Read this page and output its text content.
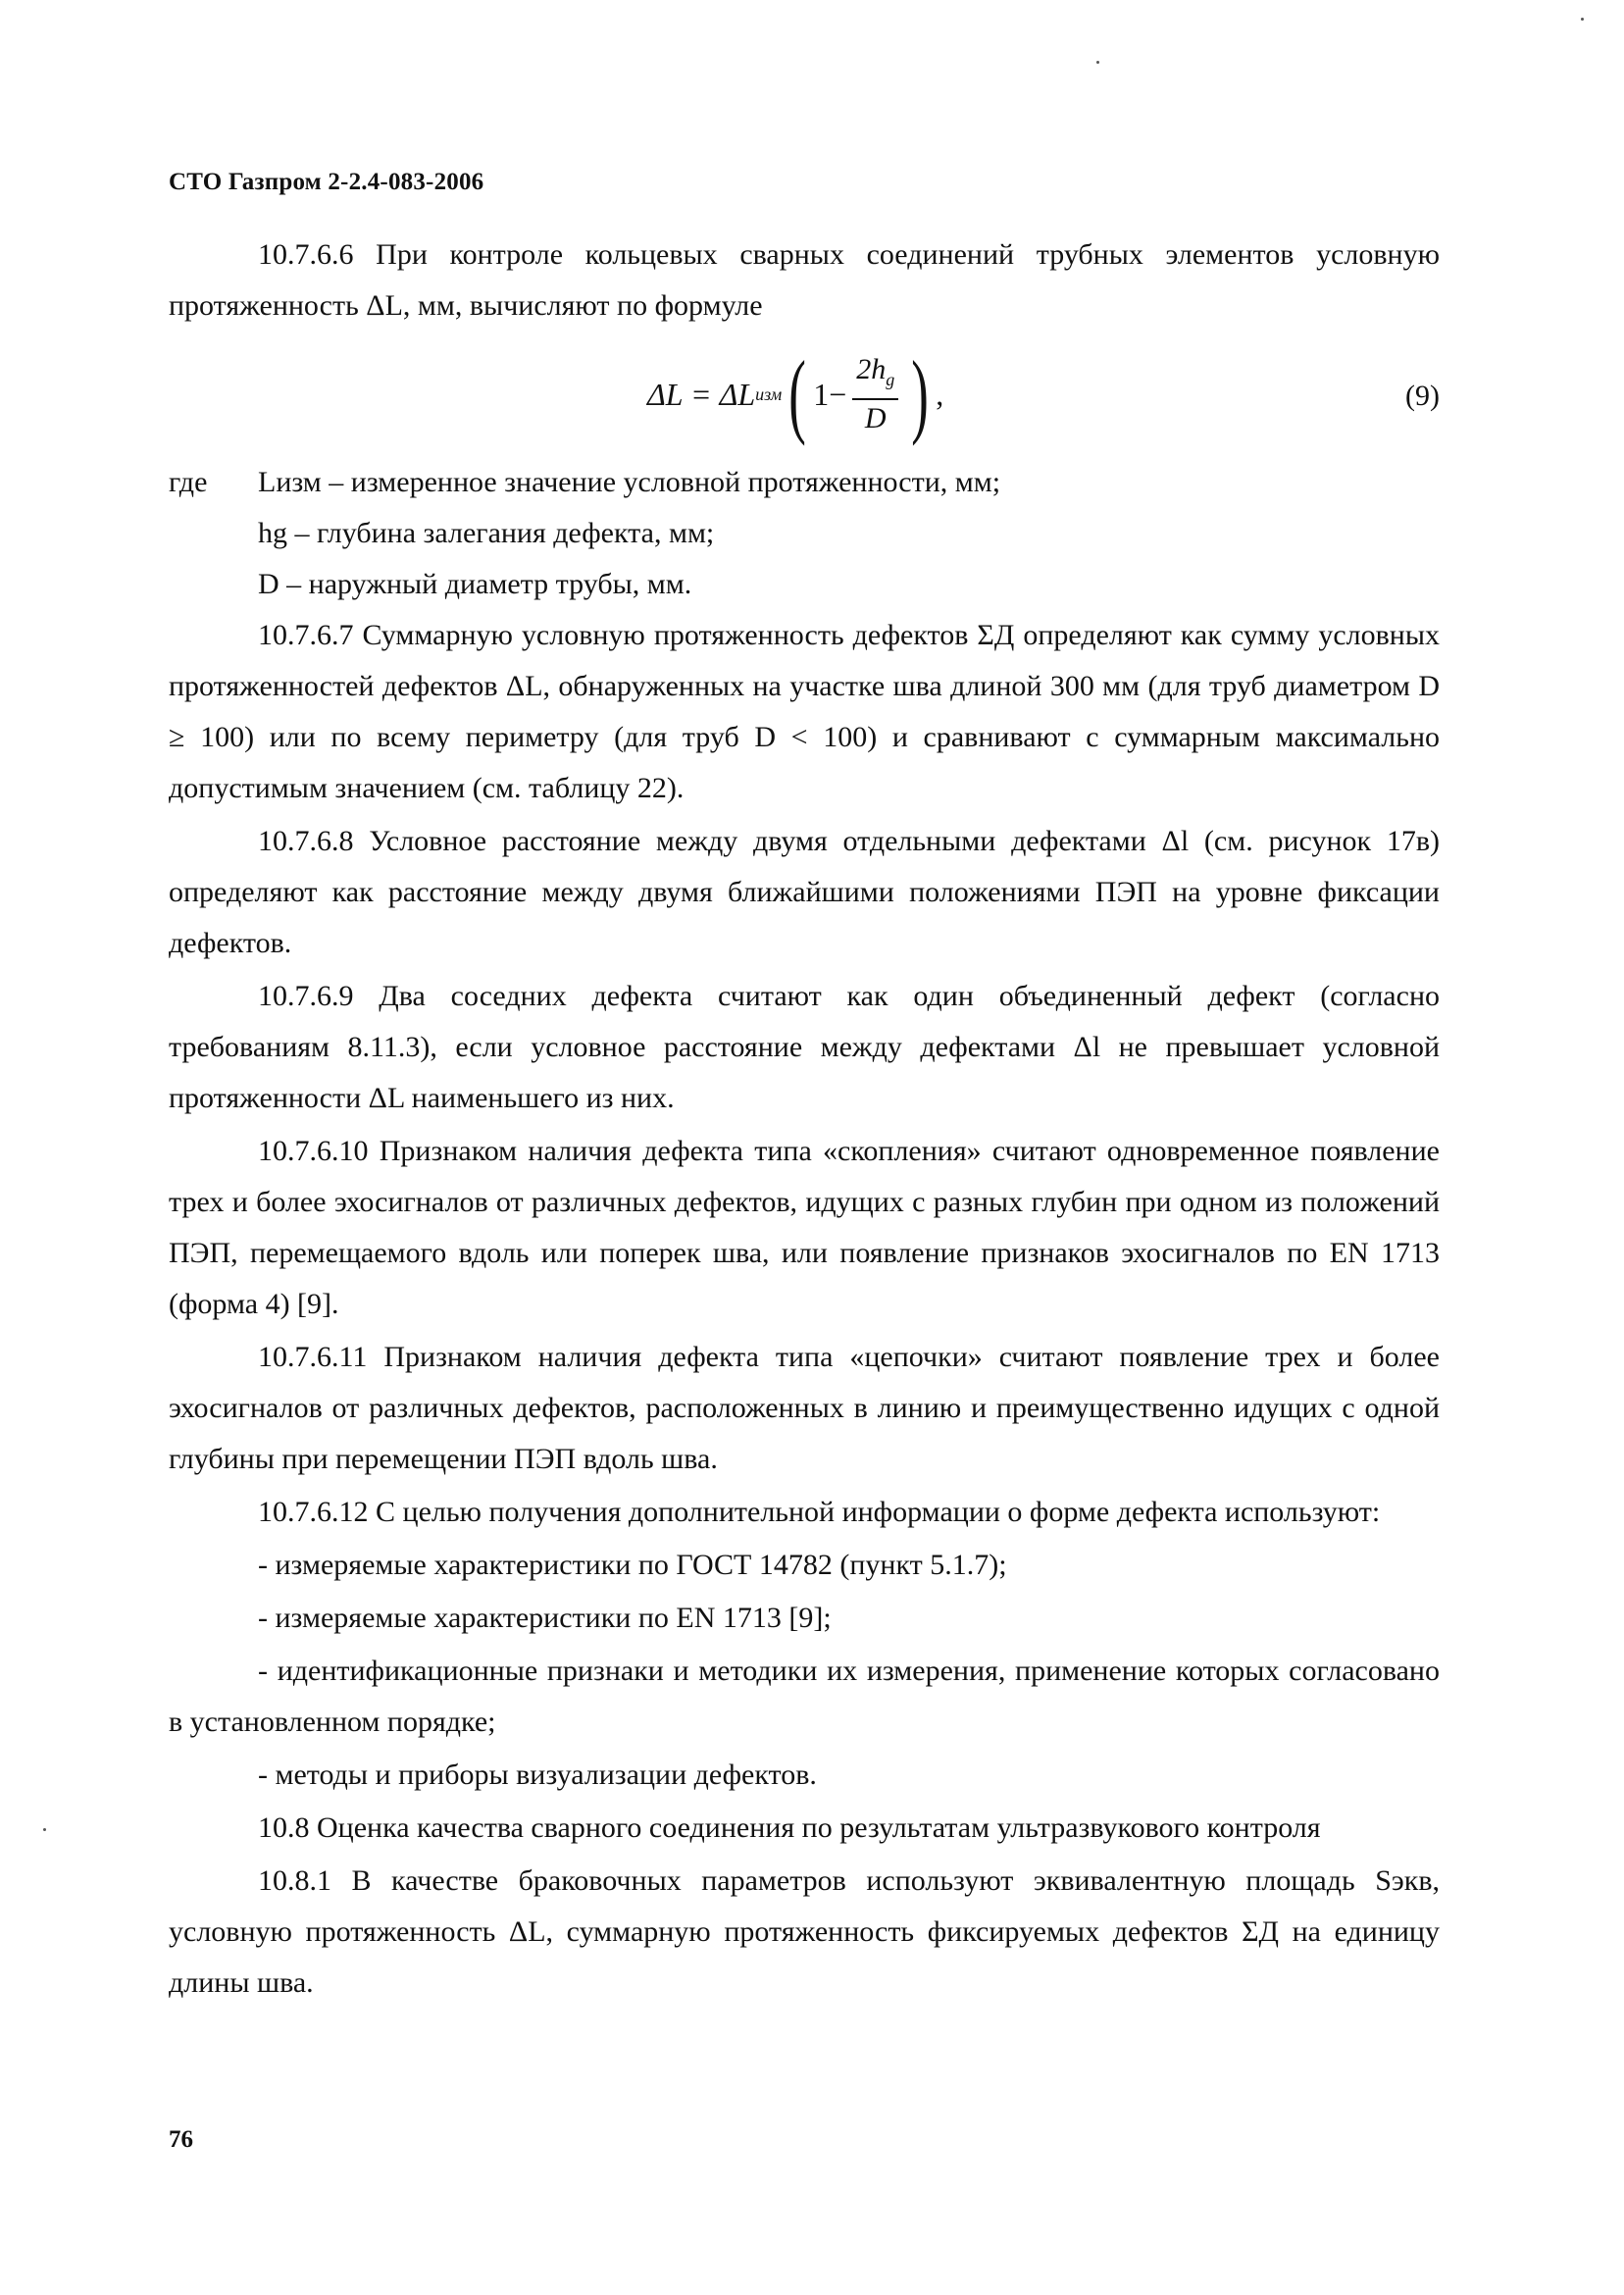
СТО Газпром 2-2.4-083-2006

10.7.6.6 При контроле кольцевых сварных соединений трубных элементов условную протяженность ΔL, мм, вычисляют по формуле

ΔL = ΔL изм ( $1- \frac{2h_g}{D}$ ) ,	(9)
где	Lизм – измеренное значение условной протяженности, мм;
hg – глубина залегания дефекта, мм;
D – наружный диаметр трубы, мм.

10.7.6.7 Суммарную условную протяженность дефектов ΣД определяют как сумму условных протяженностей дефектов ΔL, обнаруженных на участке шва длиной 300 мм (для труб диаметром D ≥ 100) или по всему периметру (для труб D < 100) и сравнивают с суммарным максимально допустимым значением (см. таблицу 22).

10.7.6.8 Условное расстояние между двумя отдельными дефектами Δl (см. рисунок 17в) определяют как расстояние между двумя ближайшими положениями ПЭП на уровне фиксации дефектов.

10.7.6.9 Два соседних дефекта считают как один объединенный дефект (согласно требованиям 8.11.3), если условное расстояние между дефектами Δl не превышает условной протяженности ΔL наименьшего из них.

10.7.6.10 Признаком наличия дефекта типа «скопления» считают одновременное появление трех и более эхосигналов от различных дефектов, идущих с разных глубин при одном из положений ПЭП, перемещаемого вдоль или поперек шва, или появление признаков эхосигналов по EN 1713 (форма 4) [9].

10.7.6.11 Признаком наличия дефекта типа «цепочки» считают появление трех и более эхосигналов от различных дефектов, расположенных в линию и преимущественно идущих с одной глубины при перемещении ПЭП вдоль шва.

10.7.6.12 С целью получения дополнительной информации о форме дефекта используют:

- измеряемые характеристики по ГОСТ 14782 (пункт 5.1.7);

- измеряемые характеристики по EN 1713 [9];

- идентификационные признаки и методики их измерения, применение которых согласовано в установленном порядке;

- методы и приборы визуализации дефектов.

10.8 Оценка качества сварного соединения по результатам ультразвукового контроля

10.8.1 В качестве браковочных параметров используют эквивалентную площадь Sэкв, условную протяженность ΔL, суммарную протяженность фиксируемых дефектов ΣД на единицу длины шва.

76
